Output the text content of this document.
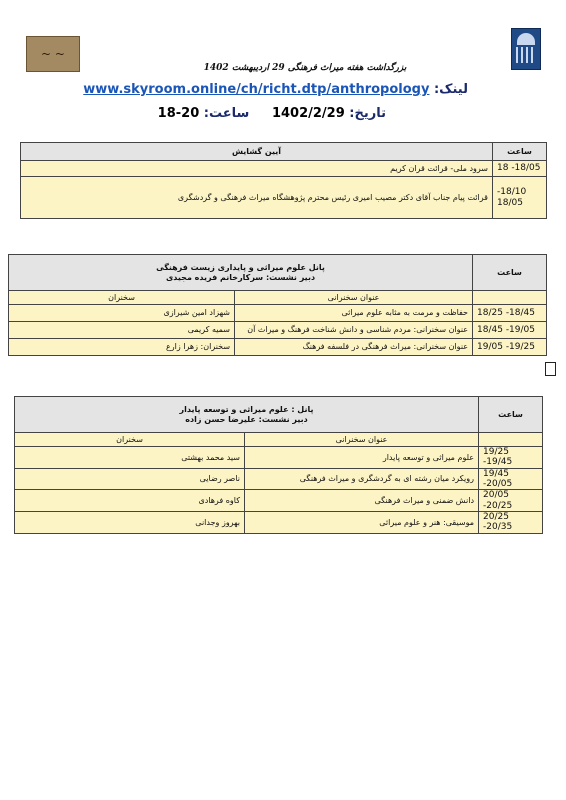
~ ~
بزرگداشت هفته میراث فرهنگی 29 اردیبهشت 1402
لینک: www.skyroom.online/ch/richt.dtp/anthropology
تاریخ: 1402/2/29     ساعت: 20-18
ساعت	آیین گشایش
18 -18/05	سرود ملی- قرائت قران کریم
-18/10
18/05	قرائت پیام جناب آقای دکتر مصیب امیری رئیس محترم پژوهشگاه میراث فرهنگی و گردشگری
ساعت	پانل علوم میراثی و پایداری زیست فرهنگی
دبیر نشست: سرکارخانم فریده مجیدی	

	عنوان سخنرانی	سخنران
18/25 -18/45	حفاظت و مرمت به مثابه علوم میراثی	شهزاد امین شیرازی
18/45 -19/05	عنوان سخنرانی: مردم شناسی و دانش شناخت فرهنگ و میراث آن	سمیه کریمی
19/05 -19/25	عنوان سخنرانی: میراث فرهنگی در فلسفه فرهنگ	سخنران: زهرا زارع
ساعت	پانل : علوم میراثی و توسعه پایدار
دبیر نشست: علیرضا حسن زاده	

	عنوان سخنرانی	سخنران
19/25 -19/45	علوم میراثی و توسعه پایدار	سید محمد بهشتی
19/45 -20/05	رویکرد میان رشته ای به گردشگری و میراث فرهنگی	ناصر رضایی
20/05 -20/25	دانش ضمنی و میراث فرهنگی	کاوه فرهادی
20/25 -20/35	موسیقی: هنر و علوم میراثی	بهروز وجدانی
